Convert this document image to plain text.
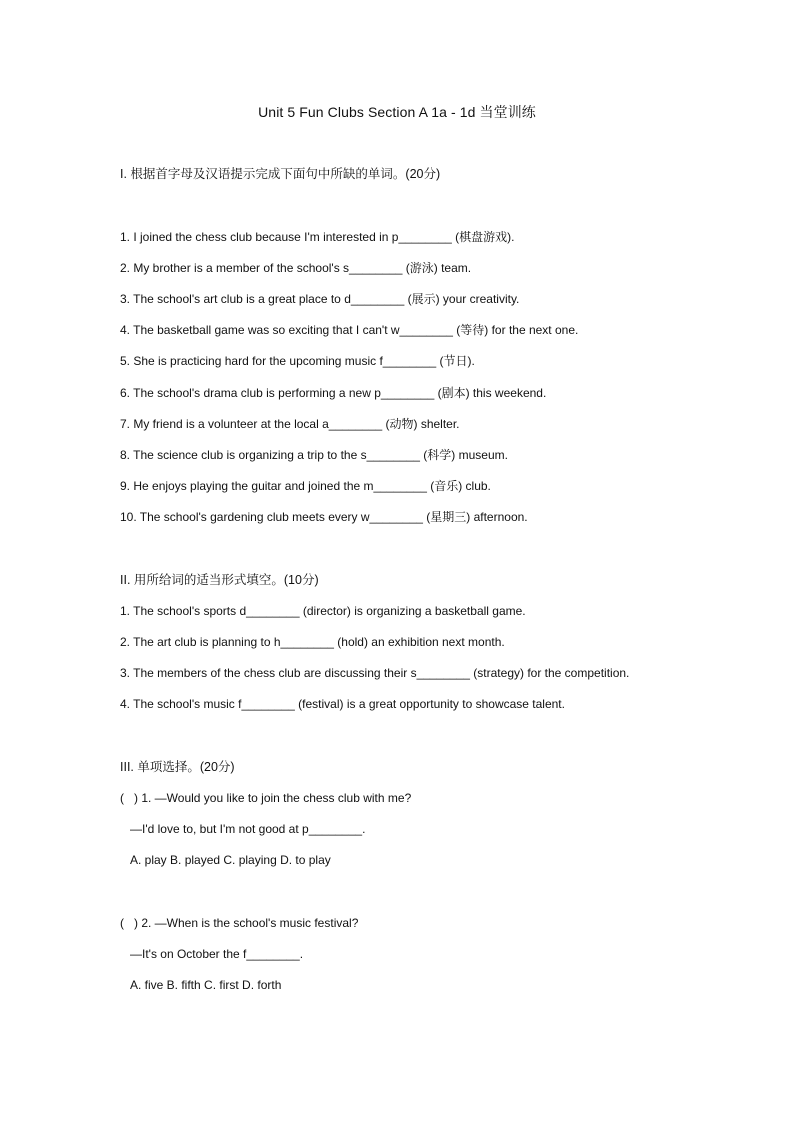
Unit 5 Fun Clubs Section A 1a - 1d 当堂训练
I. 根据首字母及汉语提示完成下面句中所缺的单词。(20分)
1. I joined the chess club because I'm interested in p________ (棋盘游戏).
2. My brother is a member of the school's s________ (游泳) team.
3. The school's art club is a great place to d________ (展示) your creativity.
4. The basketball game was so exciting that I can't w________ (等待) for the next one.
5. She is practicing hard for the upcoming music f________ (节日).
6. The school's drama club is performing a new p________ (剧本) this weekend.
7. My friend is a volunteer at the local a________ (动物) shelter.
8. The science club is organizing a trip to the s________ (科学) museum.
9. He enjoys playing the guitar and joined the m________ (音乐) club.
10. The school's gardening club meets every w________ (星期三) afternoon.
II. 用所给词的适当形式填空。(10分)
1. The school's sports d________ (director) is organizing a basketball game.
2. The art club is planning to h________ (hold) an exhibition next month.
3. The members of the chess club are discussing their s________ (strategy) for the competition.
4. The school's music f________ (festival) is a great opportunity to showcase talent.
III. 单项选择。(20分)
(   ) 1. —Would you like to join the chess club with me?
—I'd love to, but I'm not good at p________.
A. play B. played C. playing D. to play
(   ) 2. —When is the school's music festival?
—It's on October the f________.
A. five B. fifth C. first D. forth
